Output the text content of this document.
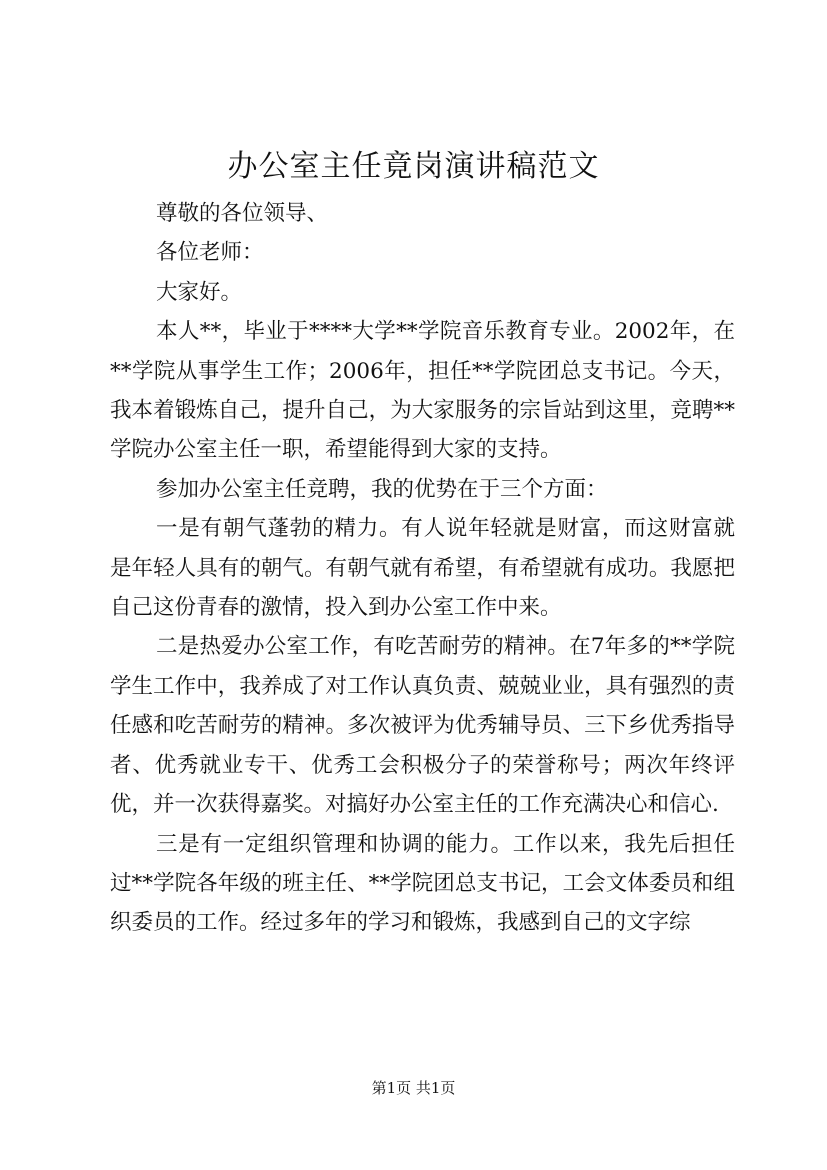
办公室主任竟岗演讲稿范文

尊敬的各位领导、

各位老师：

大家好。

本人**，毕业于****大学**学院音乐教育专业。2002年，在**学院从事学生工作；2006年，担任**学院团总支书记。今天，我本着锻炼自己，提升自己，为大家服务的宗旨站到这里，竞聘**学院办公室主任一职，希望能得到大家的支持。

参加办公室主任竞聘，我的优势在于三个方面：

一是有朝气蓬勃的精力。有人说年轻就是财富，而这财富就是年轻人具有的朝气。有朝气就有希望，有希望就有成功。我愿把自己这份青春的激情，投入到办公室工作中来。

二是热爱办公室工作，有吃苦耐劳的精神。在7年多的**学院学生工作中，我养成了对工作认真负责、兢兢业业，具有强烈的责任感和吃苦耐劳的精神。多次被评为优秀辅导员、三下乡优秀指导者、优秀就业专干、优秀工会积极分子的荣誉称号；两次年终评优，并一次获得嘉奖。对搞好办公室主任的工作充满决心和信心.

三是有一定组织管理和协调的能力。工作以来，我先后担任过**学院各年级的班主任、**学院团总支书记，工会文体委员和组织委员的工作。经过多年的学习和锻炼，我感到自己的文字综

第1页 共1页
